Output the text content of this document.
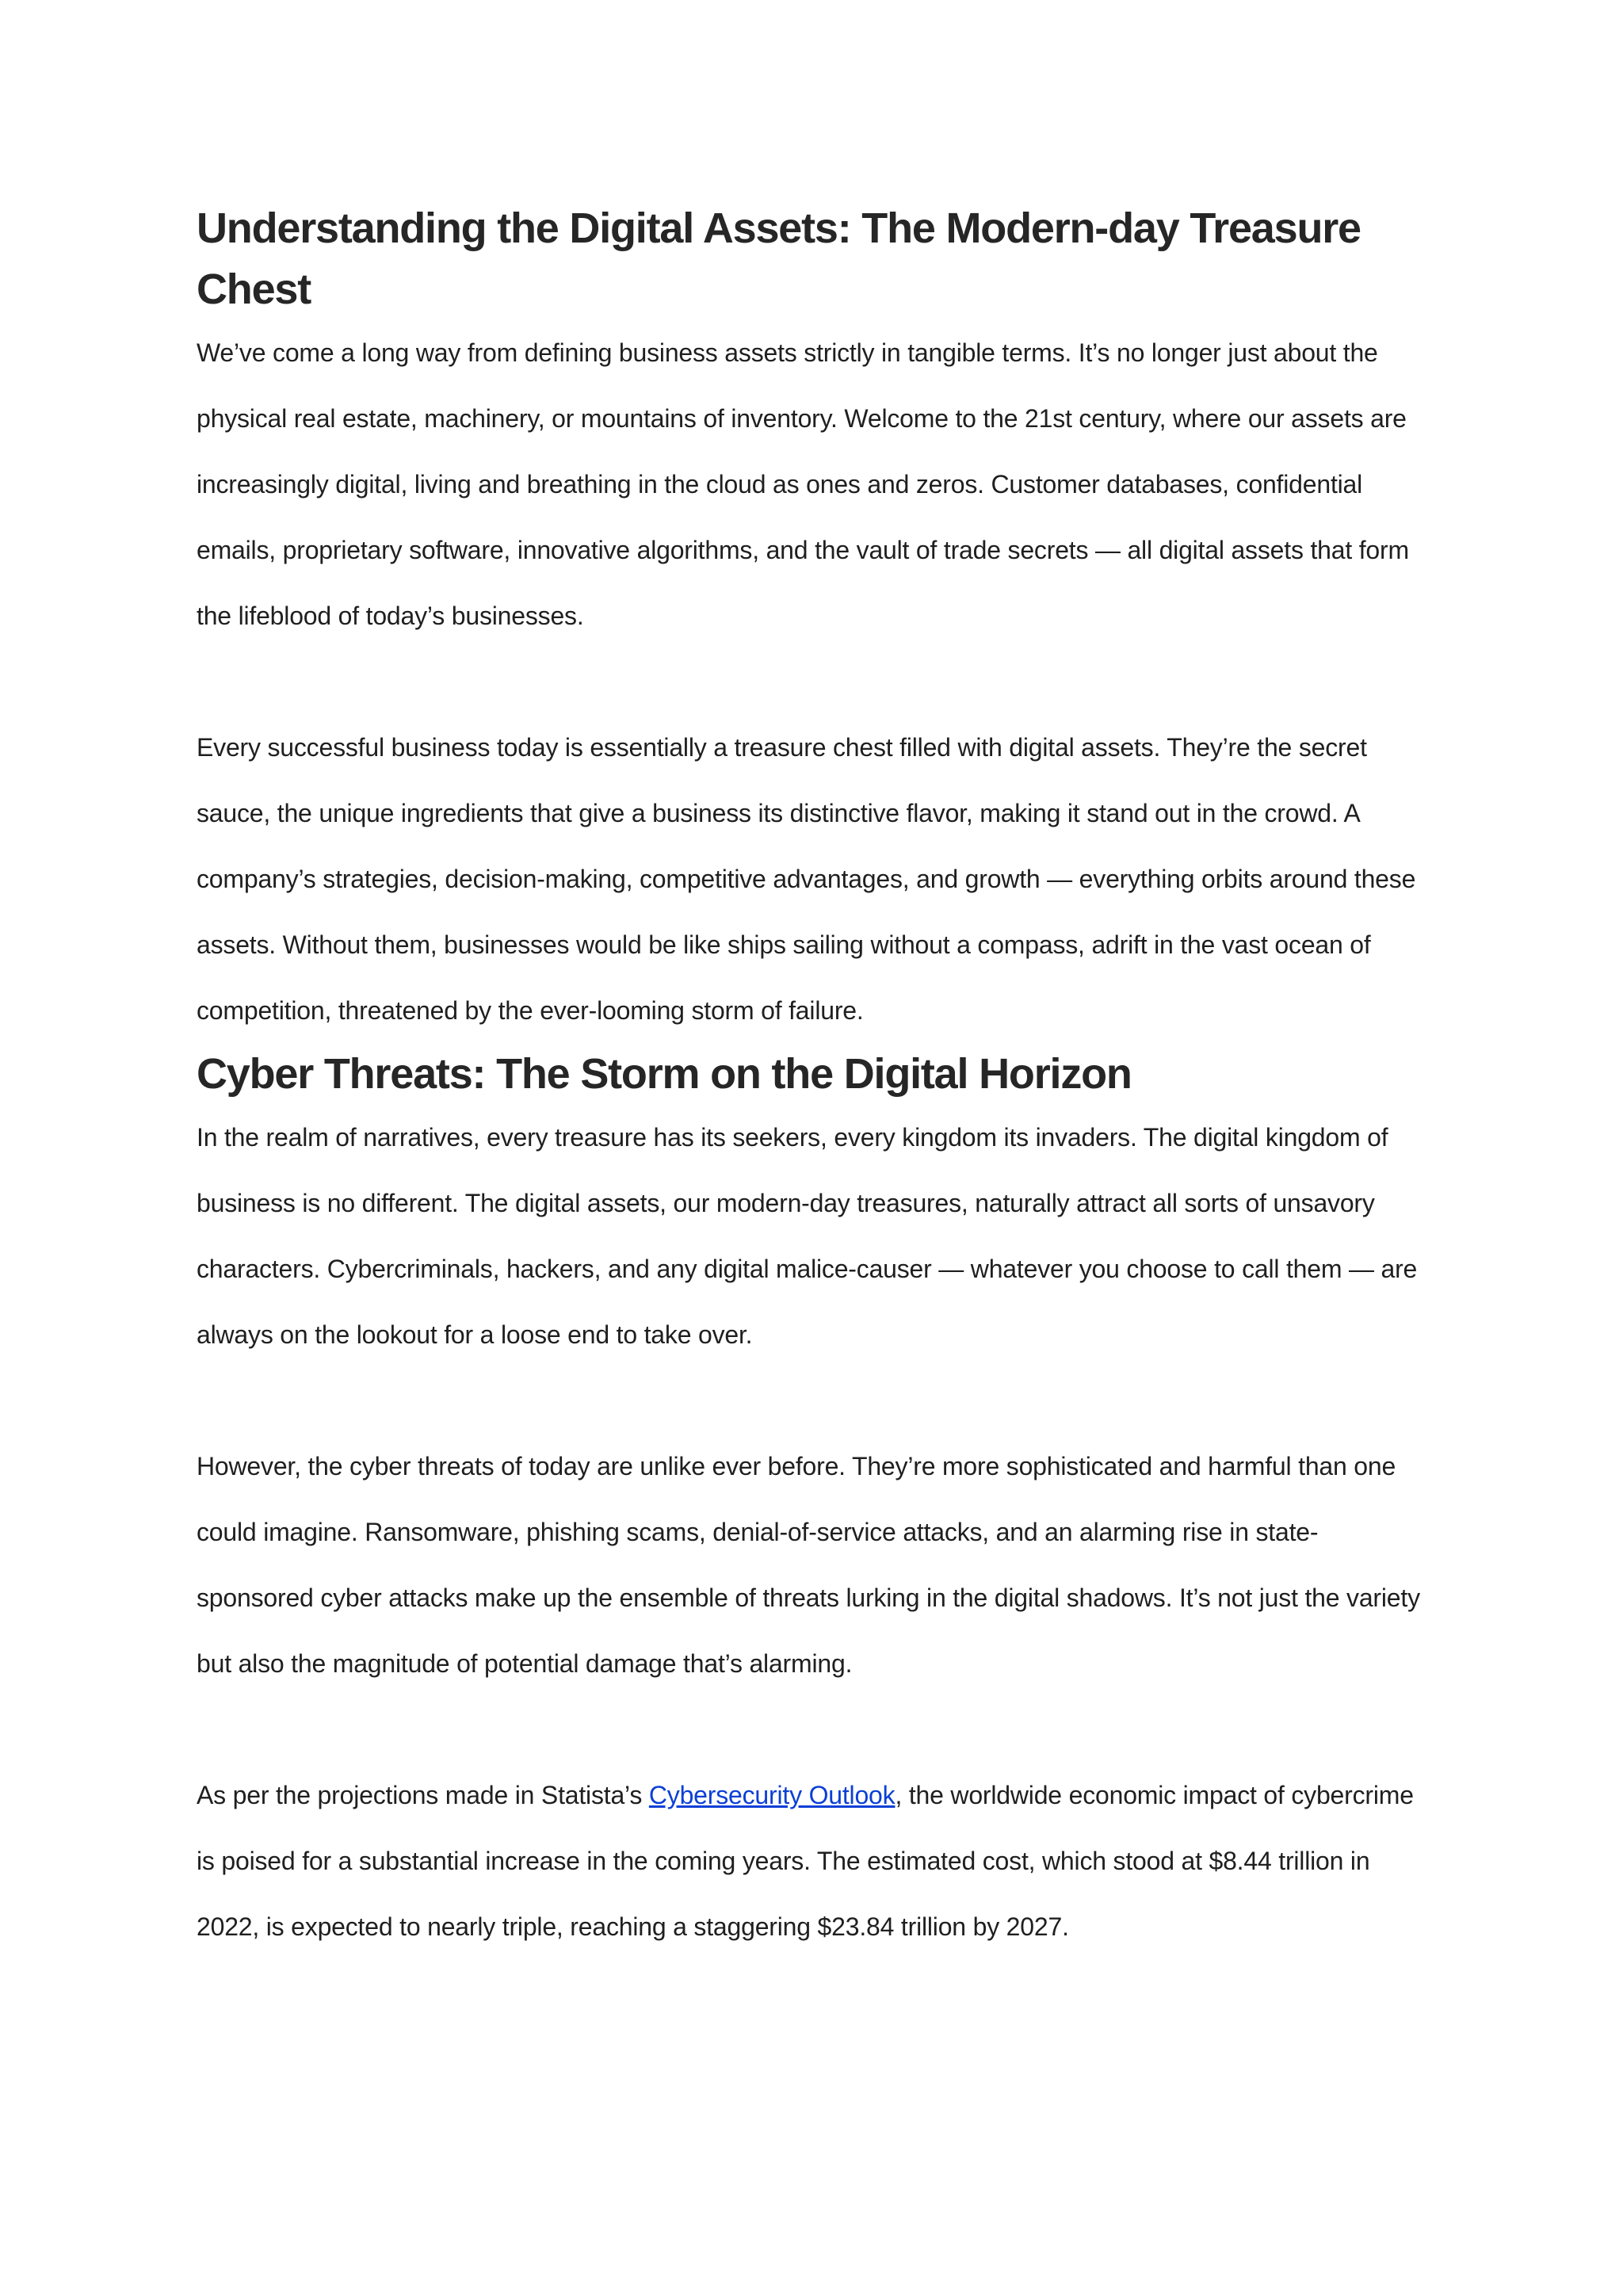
Understanding the Digital Assets: The Modern-day Treasure Chest

We’ve come a long way from defining business assets strictly in tangible terms. It’s no longer just about the physical real estate, machinery, or mountains of inventory. Welcome to the 21st century, where our assets are increasingly digital, living and breathing in the cloud as ones and zeros. Customer databases, confidential emails, proprietary software, innovative algorithms, and the vault of trade secrets — all digital assets that form the lifeblood of today’s businesses.

Every successful business today is essentially a treasure chest filled with digital assets. They’re the secret sauce, the unique ingredients that give a business its distinctive flavor, making it stand out in the crowd. A company’s strategies, decision-making, competitive advantages, and growth — everything orbits around these assets. Without them, businesses would be like ships sailing without a compass, adrift in the vast ocean of competition, threatened by the ever-looming storm of failure.

Cyber Threats: The Storm on the Digital Horizon

In the realm of narratives, every treasure has its seekers, every kingdom its invaders. The digital kingdom of business is no different. The digital assets, our modern-day treasures, naturally attract all sorts of unsavory characters. Cybercriminals, hackers, and any digital malice-causer — whatever you choose to call them — are always on the lookout for a loose end to take over.

However, the cyber threats of today are unlike ever before. They’re more sophisticated and harmful than one could imagine. Ransomware, phishing scams, denial-of-service attacks, and an alarming rise in state-sponsored cyber attacks make up the ensemble of threats lurking in the digital shadows. It’s not just the variety but also the magnitude of potential damage that’s alarming.

As per the projections made in Statista’s Cybersecurity Outlook, the worldwide economic impact of cybercrime is poised for a substantial increase in the coming years. The estimated cost, which stood at $8.44 trillion in 2022, is expected to nearly triple, reaching a staggering $23.84 trillion by 2027.
